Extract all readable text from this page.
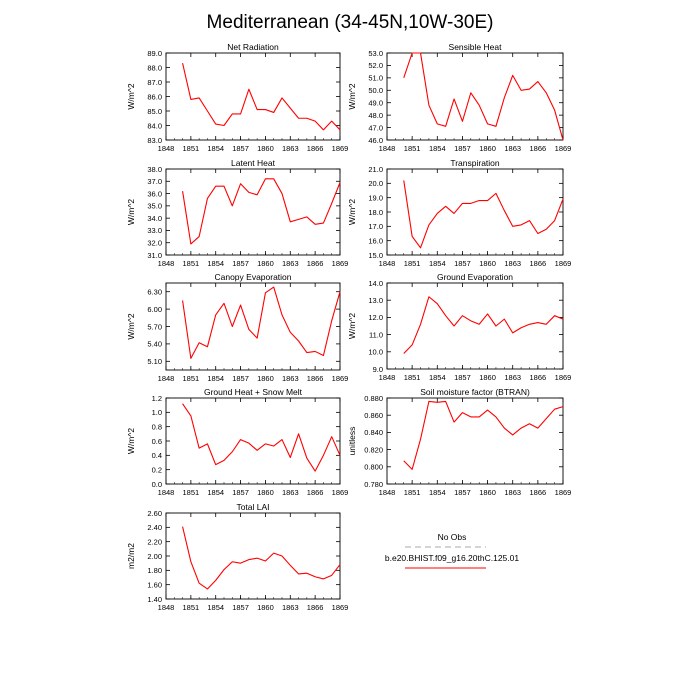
Mediterranean (34-45N,10W-30E)
1848 1851 1854 1857 1860 1863 1866 1869
83.0
84.0
85.0
86.0
87.0
88.0
89.0
Net Radiation
W/m^2
1848 1851 1854 1857 1860 1863 1866 1869
46.0
47.0
48.0
49.0
50.0
51.0
52.0
53.0
Sensible Heat
W/m^2
1848 1851 1854 1857 1860 1863 1866 1869
31.0
32.0
33.0
34.0
35.0
36.0
37.0
38.0
Latent Heat
W/m^2
1848 1851 1854 1857 1860 1863 1866 1869
15.0
16.0
17.0
18.0
19.0
20.0
21.0
Transpiration
W/m^2
1848 1851 1854 1857 1860 1863 1866 1869
5.10
5.40
5.70
6.00
6.30
Canopy Evaporation
W/m^2
1848 1851 1854 1857 1860 1863 1866 1869
9.0
10.0
11.0
12.0
13.0
14.0
Ground Evaporation
W/m^2
1848 1851 1854 1857 1860 1863 1866 1869
0.0
0.2
0.4
0.6
0.8
1.0
1.2
Ground Heat + Snow Melt
W/m^2
1848 1851 1854 1857 1860 1863 1866 1869
0.780
0.800
0.820
0.840
0.860
0.880
Soil moisture factor (BTRAN)
unitless
1848 1851 1854 1857 1860 1863 1866 1869
1.40
1.60
1.80
2.00
2.20
2.40
2.60
Total LAI
m2/m2
No Obs
b.e20.BHIST.f09_g16.20thC.125.01
